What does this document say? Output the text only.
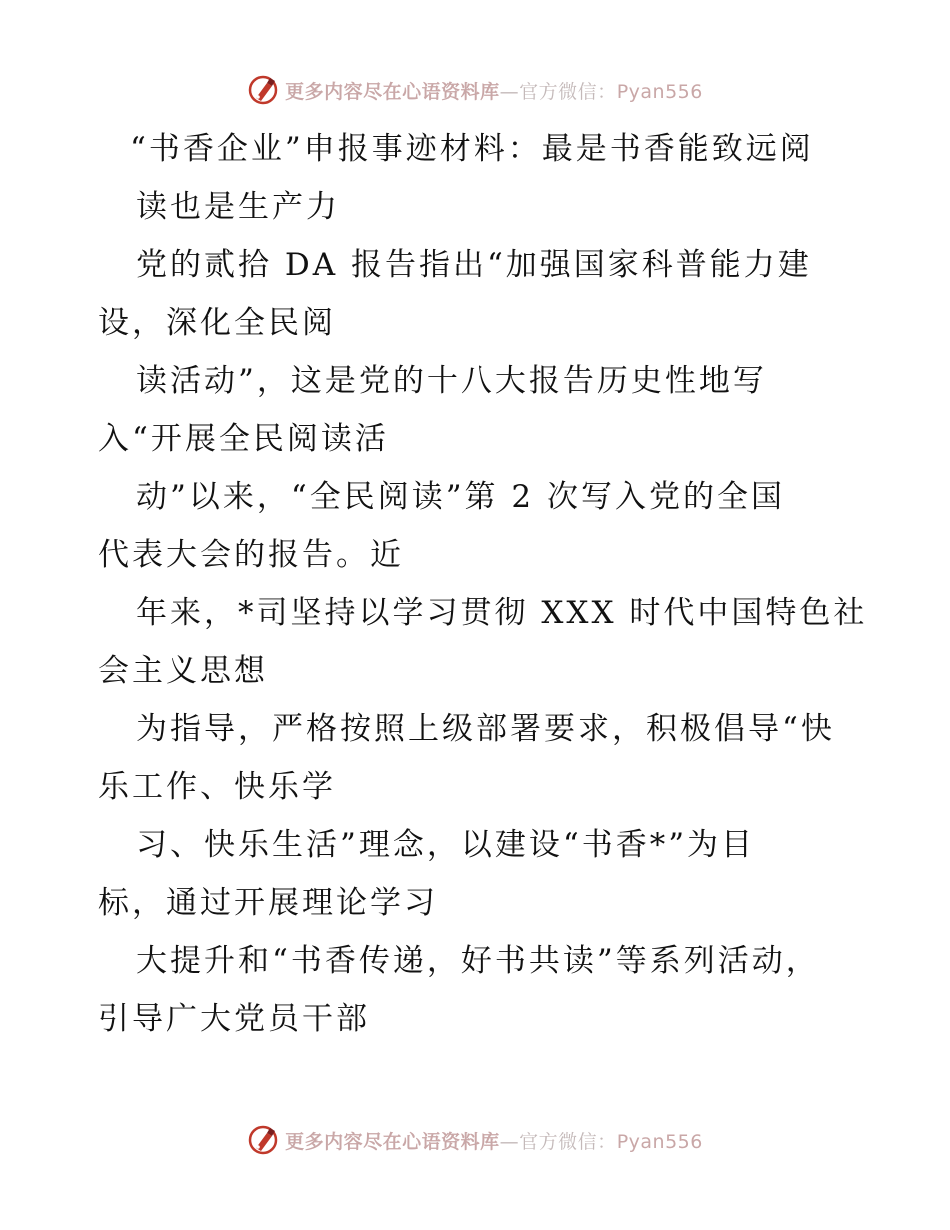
更多内容尽在心语资料库—官方微信：Pyan556
“书香企业”申报事迹材料：最是书香能致远阅
读也是生产力
党的贰拾 DA 报告指出“加强国家科普能力建
设，深化全民阅
读活动”，这是党的十八大报告历史性地写
入“开展全民阅读活
动”以来，“全民阅读”第 2 次写入党的全国
代表大会的报告。近
年来，*司坚持以学习贯彻 XXX 时代中国特色社
会主义思想
为指导，严格按照上级部署要求，积极倡导“快
乐工作、快乐学
习、快乐生活”理念，以建设“书香*”为目
标，通过开展理论学习
大提升和“书香传递，好书共读”等系列活动，
引导广大党员干部
更多内容尽在心语资料库—官方微信：Pyan556
